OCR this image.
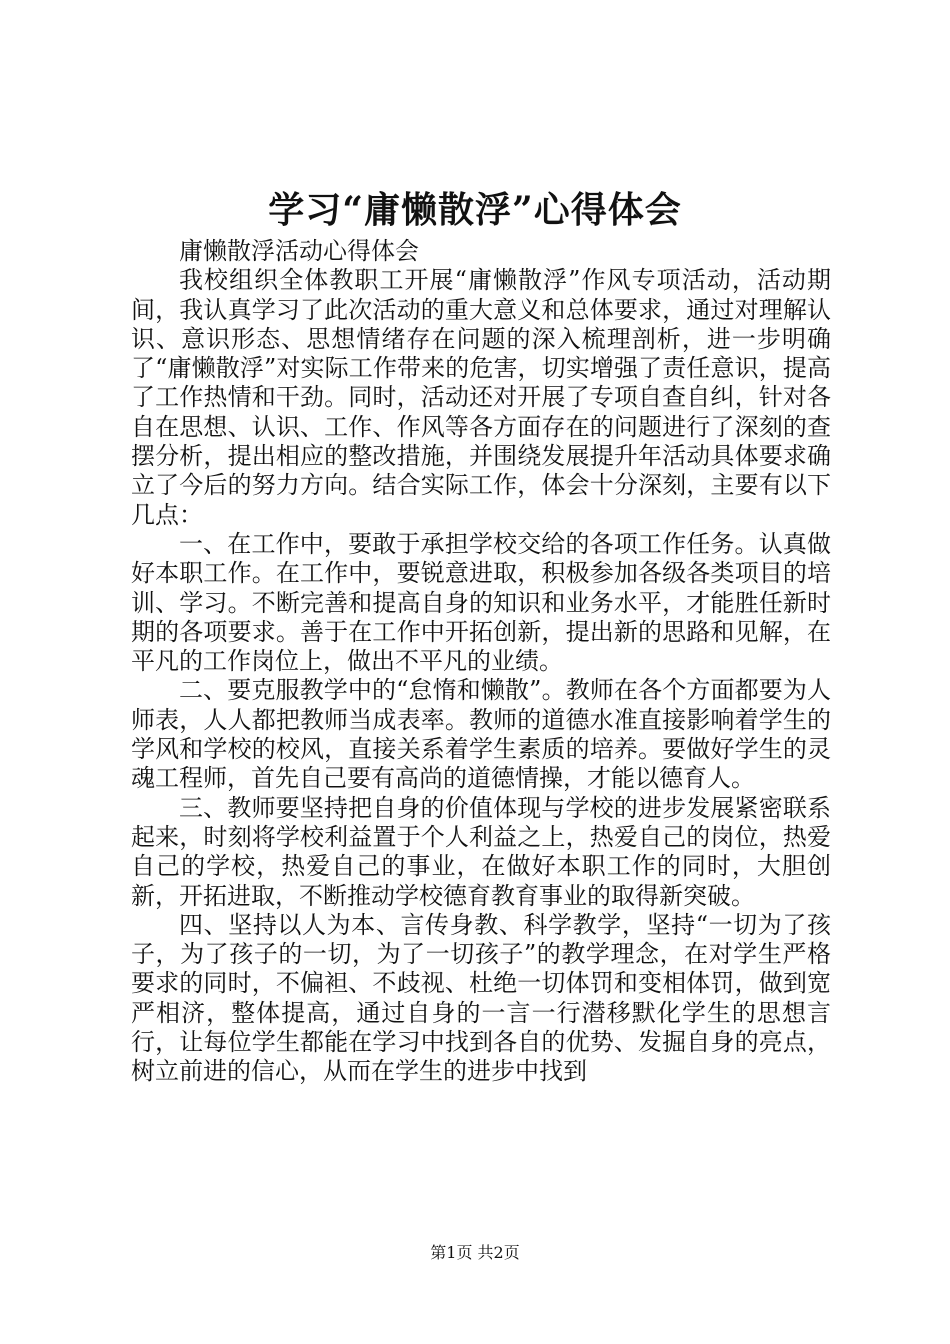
学习“庸懒散浮”心得体会

庸懒散浮活动心得体会

我校组织全体教职工开展“庸懒散浮”作风专项活动，活动期间，我认真学习了此次活动的重大意义和总体要求，通过对理解认识、意识形态、思想情绪存在问题的深入梳理剖析，进一步明确了“庸懒散浮”对实际工作带来的危害，切实增强了责任意识，提高了工作热情和干劲。同时，活动还对开展了专项自查自纠，针对各自在思想、认识、工作、作风等各方面存在的问题进行了深刻的查摆分析，提出相应的整改措施，并围绕发展提升年活动具体要求确立了今后的努力方向。结合实际工作，体会十分深刻，主要有以下几点：

一、在工作中，要敢于承担学校交给的各项工作任务。认真做好本职工作。在工作中，要锐意进取，积极参加各级各类项目的培训、学习。不断完善和提高自身的知识和业务水平，才能胜任新时期的各项要求。善于在工作中开拓创新，提出新的思路和见解，在平凡的工作岗位上，做出不平凡的业绩。

二、要克服教学中的“怠惰和懒散”。教师在各个方面都要为人师表，人人都把教师当成表率。教师的道德水准直接影响着学生的学风和学校的校风，直接关系着学生素质的培养。要做好学生的灵魂工程师，首先自己要有高尚的道德情操，才能以德育人。

三、教师要坚持把自身的价值体现与学校的进步发展紧密联系起来，时刻将学校利益置于个人利益之上，热爱自己的岗位，热爱自己的学校，热爱自己的事业，在做好本职工作的同时，大胆创新，开拓进取，不断推动学校德育教育事业的取得新突破。

四、坚持以人为本、言传身教、科学教学，坚持“一切为了孩子，为了孩子的一切，为了一切孩子”的教学理念，在对学生严格要求的同时，不偏袒、不歧视、杜绝一切体罚和变相体罚，做到宽严相济，整体提高，通过自身的一言一行潜移默化学生的思想言行，让每位学生都能在学习中找到各自的优势、发掘自身的亮点，树立前进的信心，从而在学生的进步中找到

第1页 共2页
